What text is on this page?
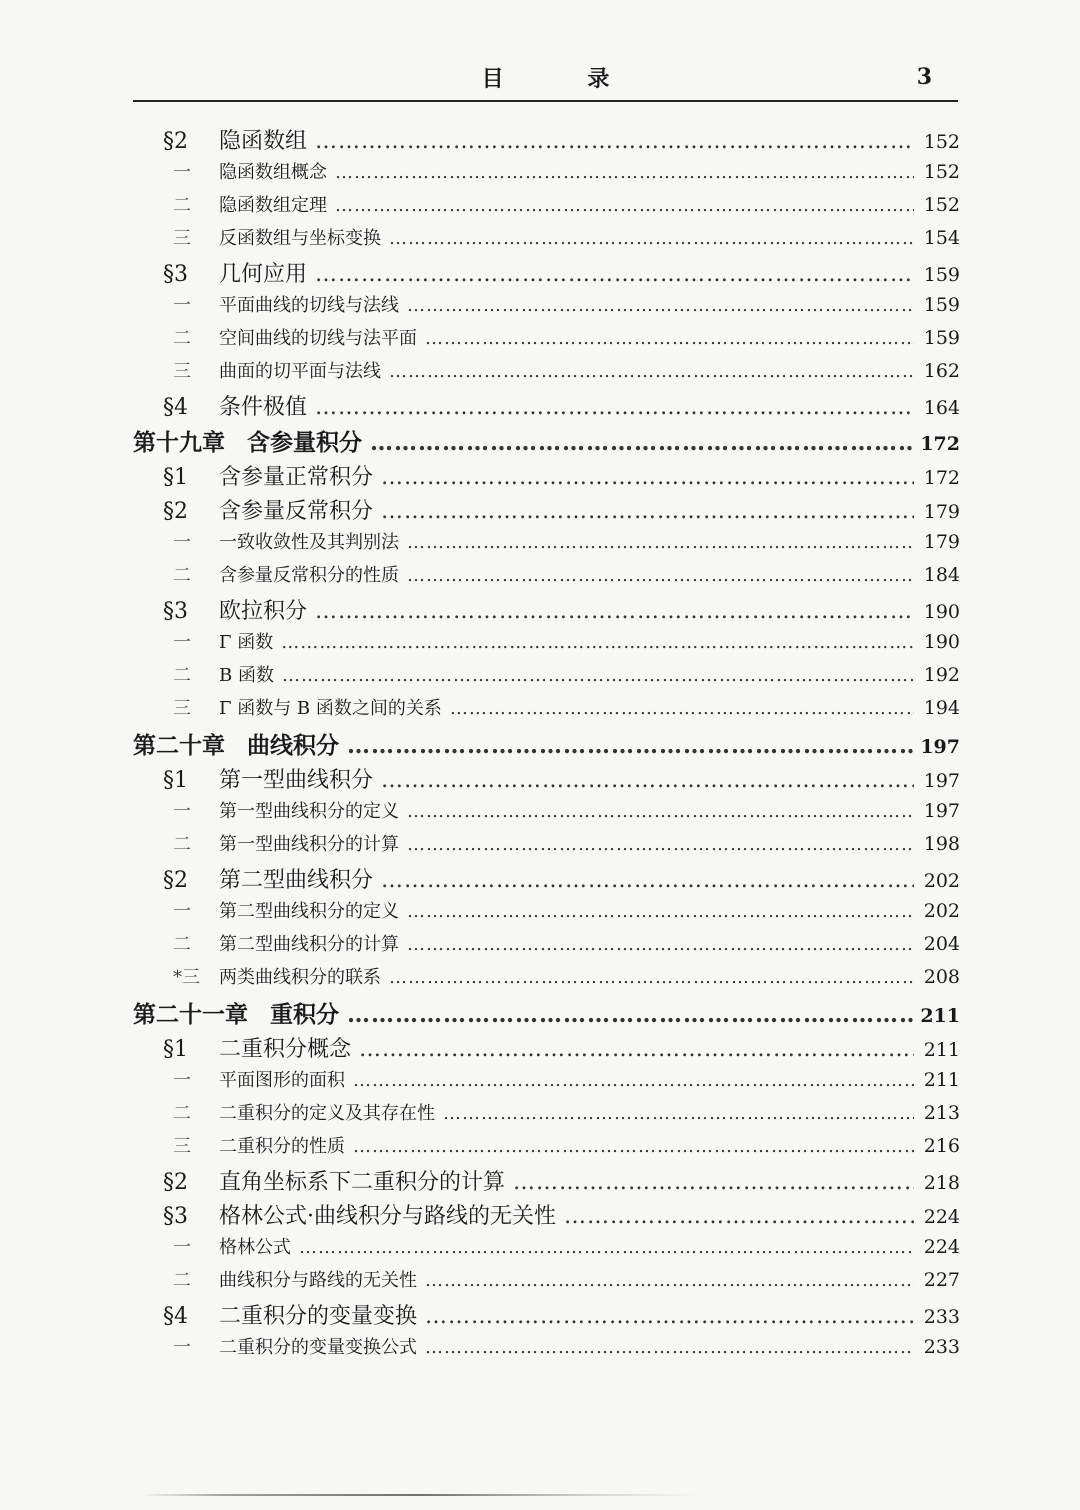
目 录	3
§2	隐函数组 ……………………………………………………………………………………………………………………………………………………………………………………………………………………………………………………	152
一	隐函数组概念 ……………………………………………………………………………………………………………………………………………………………………………………………………………………………………………………	152
二	隐函数组定理 ……………………………………………………………………………………………………………………………………………………………………………………………………………………………………………………	152
三	反函数组与坐标变换 ……………………………………………………………………………………………………………………………………………………………………………………………………………………………………………………	154
§3	几何应用 ……………………………………………………………………………………………………………………………………………………………………………………………………………………………………………………	159
一	平面曲线的切线与法线 ……………………………………………………………………………………………………………………………………………………………………………………………………………………………………………………	159
二	空间曲线的切线与法平面 ……………………………………………………………………………………………………………………………………………………………………………………………………………………………………………………	159
三	曲面的切平面与法线 ……………………………………………………………………………………………………………………………………………………………………………………………………………………………………………………	162
§4	条件极值 ……………………………………………………………………………………………………………………………………………………………………………………………………………………………………………………	164
第十九章 含参量积分 ……………………………………………………………………………………………………………………………………………………………………………………………………………………………………………………	172
§1	含参量正常积分 ……………………………………………………………………………………………………………………………………………………………………………………………………………………………………………………	172
§2	含参量反常积分 ……………………………………………………………………………………………………………………………………………………………………………………………………………………………………………………	179
一	一致收敛性及其判别法 ……………………………………………………………………………………………………………………………………………………………………………………………………………………………………………………	179
二	含参量反常积分的性质 ……………………………………………………………………………………………………………………………………………………………………………………………………………………………………………………	184
§3	欧拉积分 ……………………………………………………………………………………………………………………………………………………………………………………………………………………………………………………	190
一	Γ 函数 ……………………………………………………………………………………………………………………………………………………………………………………………………………………………………………………	190
二	B 函数 ……………………………………………………………………………………………………………………………………………………………………………………………………………………………………………………	192
三	Γ 函数与 B 函数之间的关系 ……………………………………………………………………………………………………………………………………………………………………………………………………………………………………………………	194
第二十章 曲线积分 ……………………………………………………………………………………………………………………………………………………………………………………………………………………………………………………	197
§1	第一型曲线积分 ……………………………………………………………………………………………………………………………………………………………………………………………………………………………………………………	197
一	第一型曲线积分的定义 ……………………………………………………………………………………………………………………………………………………………………………………………………………………………………………………	197
二	第一型曲线积分的计算 ……………………………………………………………………………………………………………………………………………………………………………………………………………………………………………………	198
§2	第二型曲线积分 ……………………………………………………………………………………………………………………………………………………………………………………………………………………………………………………	202
一	第二型曲线积分的定义 ……………………………………………………………………………………………………………………………………………………………………………………………………………………………………………………	202
二	第二型曲线积分的计算 ……………………………………………………………………………………………………………………………………………………………………………………………………………………………………………………	204
*三	两类曲线积分的联系 ……………………………………………………………………………………………………………………………………………………………………………………………………………………………………………………	208
第二十一章 重积分 ……………………………………………………………………………………………………………………………………………………………………………………………………………………………………………………	211
§1	二重积分概念 ……………………………………………………………………………………………………………………………………………………………………………………………………………………………………………………	211
一	平面图形的面积 ……………………………………………………………………………………………………………………………………………………………………………………………………………………………………………………	211
二	二重积分的定义及其存在性 ……………………………………………………………………………………………………………………………………………………………………………………………………………………………………………………	213
三	二重积分的性质 ……………………………………………………………………………………………………………………………………………………………………………………………………………………………………………………	216
§2	直角坐标系下二重积分的计算 ……………………………………………………………………………………………………………………………………………………………………………………………………………………………………………………	218
§3	格林公式·曲线积分与路线的无关性 ……………………………………………………………………………………………………………………………………………………………………………………………………………………………………………………	224
一	格林公式 ……………………………………………………………………………………………………………………………………………………………………………………………………………………………………………………	224
二	曲线积分与路线的无关性 ……………………………………………………………………………………………………………………………………………………………………………………………………………………………………………………	227
§4	二重积分的变量变换 ……………………………………………………………………………………………………………………………………………………………………………………………………………………………………………………	233
一	二重积分的变量变换公式 ……………………………………………………………………………………………………………………………………………………………………………………………………………………………………………………	233
